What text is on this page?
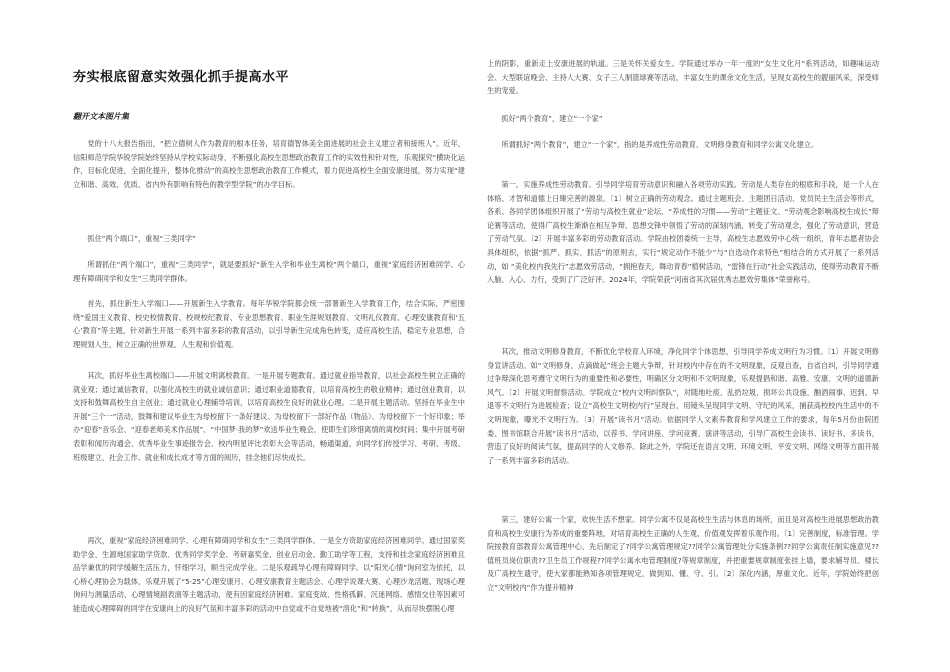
夯实根底留意实效强化抓手提高水平

翻开文本图片集

党的十八大报告指出，“把立德树人作为教育的根本任务，培育德智体美全面进展的社会主义建立者和接班人”。近年，信阳师范学院华锐学院始终坚持从学校实际动身，不断强化高校生思想政治教育工作的实效性和针对性，乐观探究“横块化运作，目标化促进，全面化提升，整体化推动”的高校生思想政治教育工作模式，着力促进高校生全面安康进展，努力实现“建立和谐、高效、优质、省内外有影响有特色的教学型学院”的办学目标。

抓住“两个端口”，重视“三类同学”

所谓抓住“两个端口”，重视“三类同学”，就是要抓好“新生入学和毕业生离校”两个端口，重视“家庭经济困难同学、心理有障碍同学和女生”三类同学群体。

首先，抓住新生入学端口——开展新生入学教育。每年华锐学院都会统一部署新生入学教育工作，结合实际，严密围绕“爱国主义教育、校史校情教育、校规校纪教育、专业思想教育、职业生涯规划教育、文明礼仪教育、心理安康教育和‘五心’教育”等主题，针对新生开展一系列丰富多彩的教育活动，以引导新生完成角色转变，适应高校生活，稳定专业思想，合理规划人生，树立正确的世界观、人生观和价值观。

其次，抓好毕业生离校端口——开展文明离校教育。一是开展专题教育。通过就业指导教育，以社会高校生树立正确的就业观；通过诚信教育，以强化高校生的就业诚信意识；通过职业道德教育，以培育高校生的敬业精神；通过创业教育，以支持和鼓舞高校生自主创业；通过就业心理辅导培训，以培育高校生良好的就业心理。二是开展主题活动。坚持在毕业生中开展“三个一”活动，鼓舞和建议毕业生为母校留下一条好建议、为母校留下一部好作品（物品）、为母校留下一个好印象；举办“迎春”音乐会、“迎春老师美术作品展”、“中国梦·我的梦”欢送毕业生晚会，使即生们珍惜离情的离校时间；集中开展考研表彰和闻历沟通会、优秀毕业生事迹报告会、校内明星评比表彰大会等活动，畅通渠道，向同学们传授学习、考研、考级、班级建立、社会工作、就业和成长成才等方面的阅历，挂念他们尽快成长。

再次，重视“家庭经济困难同学、心理有障碍同学和女生”三类同学群体。一是全方资助家庭经济困难同学。通过国家奖助学金、生源地国家助学贷款、优秀同学奖学金、考研嘉奖金、创业启动金、勤工助学等工程，支持和挂念家庭经济困难且品学兼优的同学缓解生活压力，忏细学习，顺当完成学业。二是乐观疏导心理有障碍同学。以“阳光心情”询问室为依托，以心桥心理协会为载体，乐观开展了“5·25”心理安康月、心理安康教育主题活会、心理学说课大赛、心理沙龙活题、现场心理询问与测量活动、心理情境剧表演等主题活动，使有因家庭经济困难、家庭变故、性格孤僻、沉迷网络、感情交往等因素可能造成心理障碍的同学在安康向上的良好气氛和丰富多彩的活动中自觉或不自觉地被“溶化”和“转换”，从而尽快摆脱心理

上的阴影，重新走上安康进展的轨道。三是关怀关爱女生。学院通过举办一年一度的“女生文化月”系列活动，如趣味运动会、大型联谊晚会、主持人大赛、女子三人制篮球赛等活动，丰富女生的课余文化生活，呈现女高校生的靓丽风采，深受师生的宠爱。

抓好“两个教育”，建立“一个家”

所谓抓好“两个教育”，建立“一个家”，指的是养成性劳动教育、文明修身教育和同学公寓文化建立。

第一，实施养成性劳动教育。引导同学培育劳动意识和融入各项劳动实践。劳动是人类存在的根底和手段，是一个人在体格、才智和道德上日臻完善的源泉。〔1〕树立正确的劳动观念。通过主题班会、主题团日活动、党员民主生活会等形式，各系、各同学团体组织开展了“劳动与高校生就业”论坛、“养成性的习惯——劳动”主题征文、“劳动观念影响高校生成长”辩论赛等活动，使得广高校生渐渐在相互争辩、思想交锋中领悟了劳动的深刻内涵，转变了劳动观念，强化了劳动意识，营造了劳动气氛。〔2〕开展丰富多彩的劳动教育活动。学院由校团委统一主导，高校生志愿效劳中心统一组织，青年志愿者协会具体组织，依据“抓严、抓实、抓活”的原则去，实行“规定动作不能少”与“自选动作求特色”相结合的方式开展了一系列活动，如 “美化校内我先行”志愿效劳活动，“拥抱春天，舞动青春”植树活动，“雷锋在行动”社会实践活动，使得劳动教育不断入脑、入心、力行，受到了广泛好评。2024年，学院荣获“河南省其次届优秀志愿效劳集体”荣誉称号。

其次，推动文明修身教育，不断优化学校育人环境，净化同学个体思想，引导同学养成文明行为习惯。〔1〕开展文明修身宣讲活动。如“文明修身，点滴做起”班会主题大争辩，针对校内中存在的不文明现象，反观自查，自省自纠，引导同学通过争辩深化思考遵守文明行为的重要性和必要性，明确区分文明和不文明现象，乐观提倡和谐、高雅、安康、文明的道德新风气。〔2〕开展文明督察活动。学院成立“校内文明纠察队”，对随地吐痰、乱扔垃圾、损坏公共设施、酗酒闹事、迟到、早退等不文明行为进展检查；设立“高校生文明校内行”呈现台，用镜头呈现同学文明、守纪的风采，捕获高校校内生活中的不文明现象，曝光不文明行为。〔3〕开展“读书月”活动。依据同学人文素养教育和学风建立工作的要求，每年5月份由院团委、图书馆联合开展“读书月”活动，以荐书、学问讲座、学问竞赛、演讲等活动，引导广高校生会读书、读好书、多读书，营造了良好的阅读气氛，提高同学的人文修养。除此之外，学院还在语言文明、环境文明、平安文明、网络文明等方面开展了一系列丰富多彩的活动。

第三，建好公寓一个家，欢快生活不想家。同学公寓不仅是高校生生活与休息的场所，而且是对高校生进展思想政治教育和高校生安康行为养成的重要阵地，对培育高校生正确的人生观、价值观发挥着乐观作用。〔1〕完善制度，标准管理。学院按教育部教育公寓管理中心，先后制定了?同学公寓管理规定??同学公寓管理处分实施条例??同学公寓责任制实施意见??值班员岗位职责??卫生员工作规程??同学公寓水电管理制度?等规章制度，并把重要规章制度张挂上墙，要求辅导员、楼长及广高校生遗守，使大家都能熟知各项管理规定，做到知、懂、守、引。〔2〕深化内涵，厚重文化。近年，学院始终把创立“文明校内”作为提升精神
